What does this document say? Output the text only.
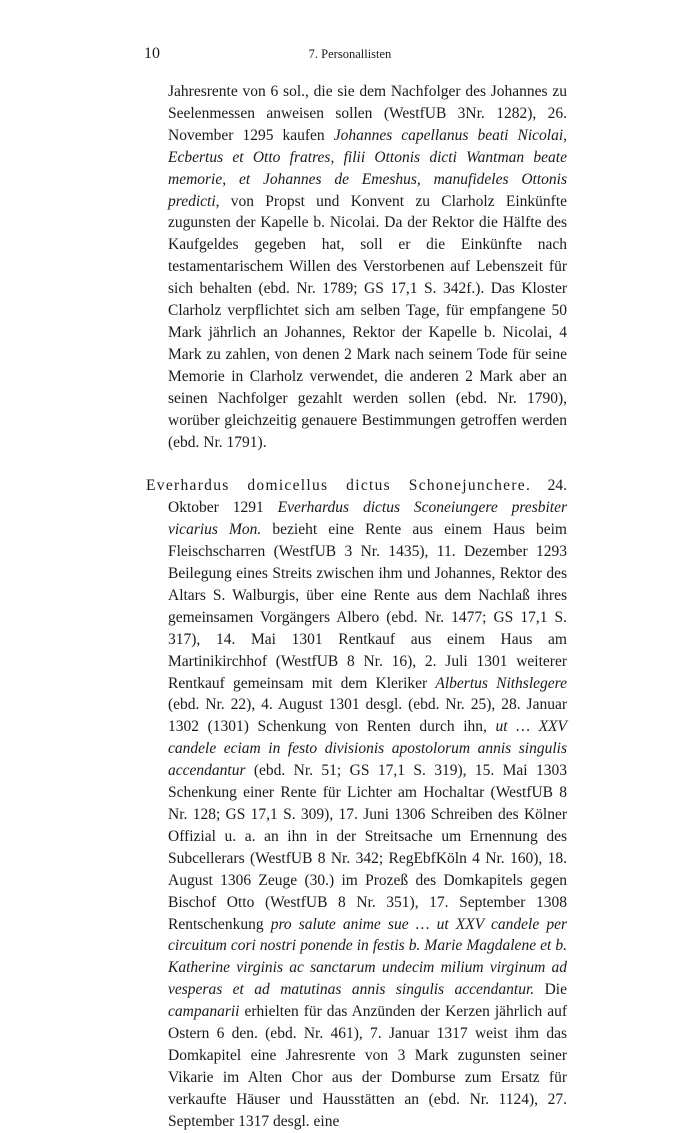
10	7. Personallisten

Jahresrente von 6 sol., die sie dem Nachfolger des Johannes zu Seelenmessen anweisen sollen (WestfUB 3Nr. 1282), 26. November 1295 kaufen Johannes capellanus beati Nicolai, Ecbertus et Otto fratres, filii Ottonis dicti Wantman beate memorie, et Johannes de Emeshus, manufideles Ottonis predicti, von Propst und Konvent zu Clarholz Einkünfte zugunsten der Kapelle b. Nicolai. Da der Rektor die Hälfte des Kaufgeldes gegeben hat, soll er die Einkünfte nach testamentarischem Willen des Verstorbenen auf Lebenszeit für sich behalten (ebd. Nr. 1789; GS 17,1 S. 342f.). Das Kloster Clarholz verpflichtet sich am selben Tage, für empfangene 50 Mark jährlich an Johannes, Rektor der Kapelle b. Nicolai, 4 Mark zu zahlen, von denen 2 Mark nach seinem Tode für seine Memorie in Clarholz verwendet, die anderen 2 Mark aber an seinen Nachfolger gezahlt werden sollen (ebd. Nr. 1790), worüber gleichzeitig genauere Bestimmungen getroffen werden (ebd. Nr. 1791).

Everhardus domicellus dictus Schonejunchere. 24. Oktober 1291 Everhardus dictus Sconeiungere presbiter vicarius Mon. bezieht eine Rente aus einem Haus beim Fleischscharren (WestfUB 3 Nr. 1435), 11. Dezember 1293 Beilegung eines Streits zwischen ihm und Johannes, Rektor des Altars S. Walburgis, über eine Rente aus dem Nachlaß ihres gemeinsamen Vorgängers Albero (ebd. Nr. 1477; GS 17,1 S. 317), 14. Mai 1301 Rentkauf aus einem Haus am Martinikirchhof (WestfUB 8 Nr. 16), 2. Juli 1301 weiterer Rentkauf gemeinsam mit dem Kleriker Albertus Nithslegere (ebd. Nr. 22), 4. August 1301 desgl. (ebd. Nr. 25), 28. Januar 1302 (1301) Schenkung von Renten durch ihn, ut … XXV candele eciam in festo divisionis apostolorum annis singulis accendantur (ebd. Nr. 51; GS 17,1 S. 319), 15. Mai 1303 Schenkung einer Rente für Lichter am Hochaltar (WestfUB 8 Nr. 128; GS 17,1 S. 309), 17. Juni 1306 Schreiben des Kölner Offizial u. a. an ihn in der Streitsache um Ernennung des Subcellerars (WestfUB 8 Nr. 342; RegEbfKöln 4 Nr. 160), 18. August 1306 Zeuge (30.) im Prozeß des Domkapitels gegen Bischof Otto (WestfUB 8 Nr. 351), 17. September 1308 Rentschenkung pro salute anime sue … ut XXV candele per circuitum cori nostri ponende in festis b. Marie Magdalene et b. Katherine virginis ac sanctarum undecim milium virginum ad vesperas et ad matutinas annis singulis accendantur. Die campanarii erhielten für das Anzünden der Kerzen jährlich auf Ostern 6 den. (ebd. Nr. 461), 7. Januar 1317 weist ihm das Domkapitel eine Jahresrente von 3 Mark zugunsten seiner Vikarie im Alten Chor aus der Domburse zum Ersatz für verkaufte Häuser und Hausstätten an (ebd. Nr. 1124), 27. September 1317 desgl. eine
